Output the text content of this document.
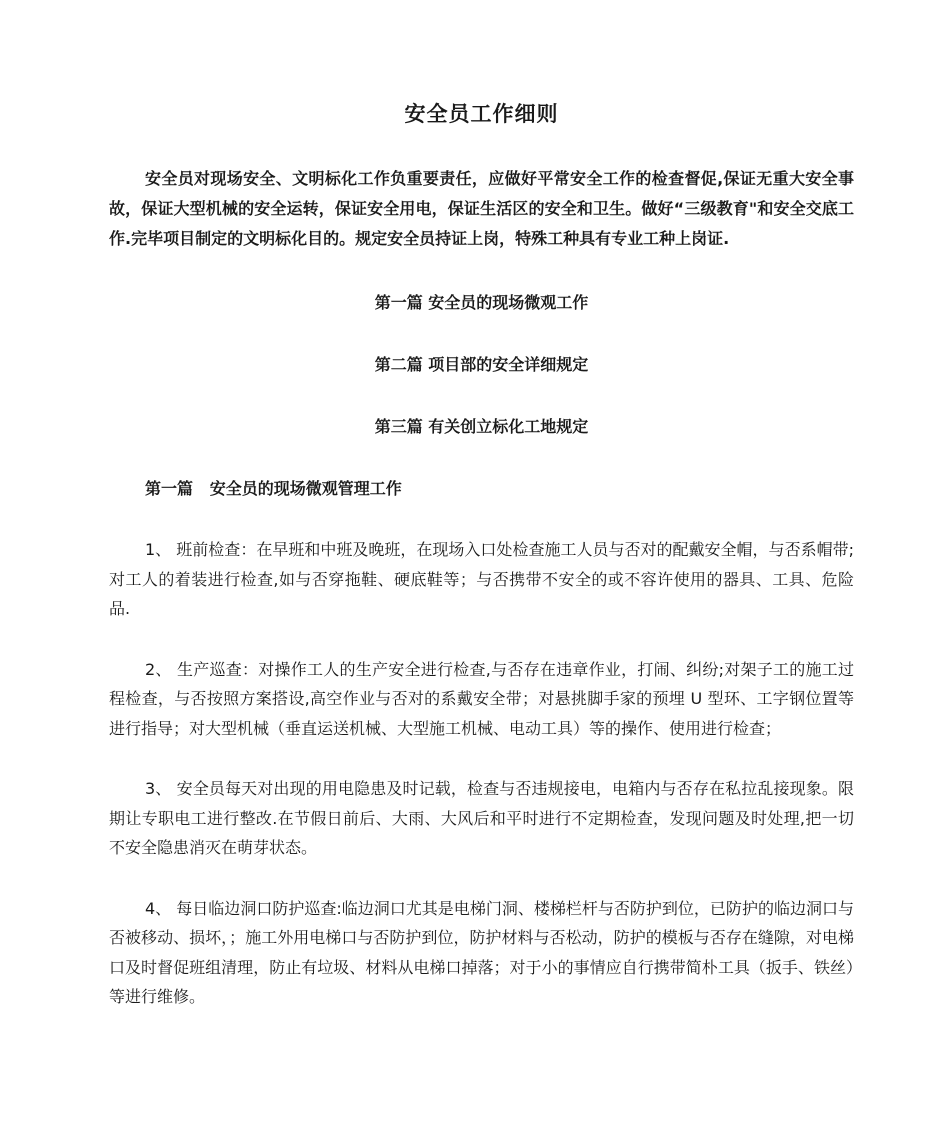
安全员工作细则

安全员对现场安全、文明标化工作负重要责任，应做好平常安全工作的检查督促,保证无重大安全事故，保证大型机械的安全运转，保证安全用电，保证生活区的安全和卫生。做好“三级教育"和安全交底工作.完毕项目制定的文明标化目的。规定安全员持证上岗，特殊工种具有专业工种上岗证.

第一篇 安全员的现场微观工作
第二篇 项目部的安全详细规定
第三篇 有关创立标化工地规定
第一篇   安全员的现场微观管理工作

1、 班前检查：在早班和中班及晚班，在现场入口处检查施工人员与否对的配戴安全帽，与否系帽带;对工人的着装进行检查,如与否穿拖鞋、硬底鞋等；与否携带不安全的或不容许使用的器具、工具、危险品.

2、 生产巡查：对操作工人的生产安全进行检查,与否存在违章作业，打闹、纠纷;对架子工的施工过程检查，与否按照方案搭设,高空作业与否对的系戴安全带；对悬挑脚手家的预埋 U 型环、工字钢位置等进行指导；对大型机械（垂直运送机械、大型施工机械、电动工具）等的操作、使用进行检查；

3、 安全员每天对出现的用电隐患及时记载，检查与否违规接电，电箱内与否存在私拉乱接现象。限期让专职电工进行整改.在节假日前后、大雨、大风后和平时进行不定期检查，发现问题及时处理,把一切不安全隐患消灭在萌芽状态。

4、 每日临边洞口防护巡查:临边洞口尤其是电梯门洞、楼梯栏杆与否防护到位，已防护的临边洞口与否被移动、损坏，；施工外用电梯口与否防护到位，防护材料与否松动，防护的模板与否存在缝隙，对电梯口及时督促班组清理，防止有垃圾、材料从电梯口掉落；对于小的事情应自行携带简朴工具（扳手、铁丝）等进行维修。
